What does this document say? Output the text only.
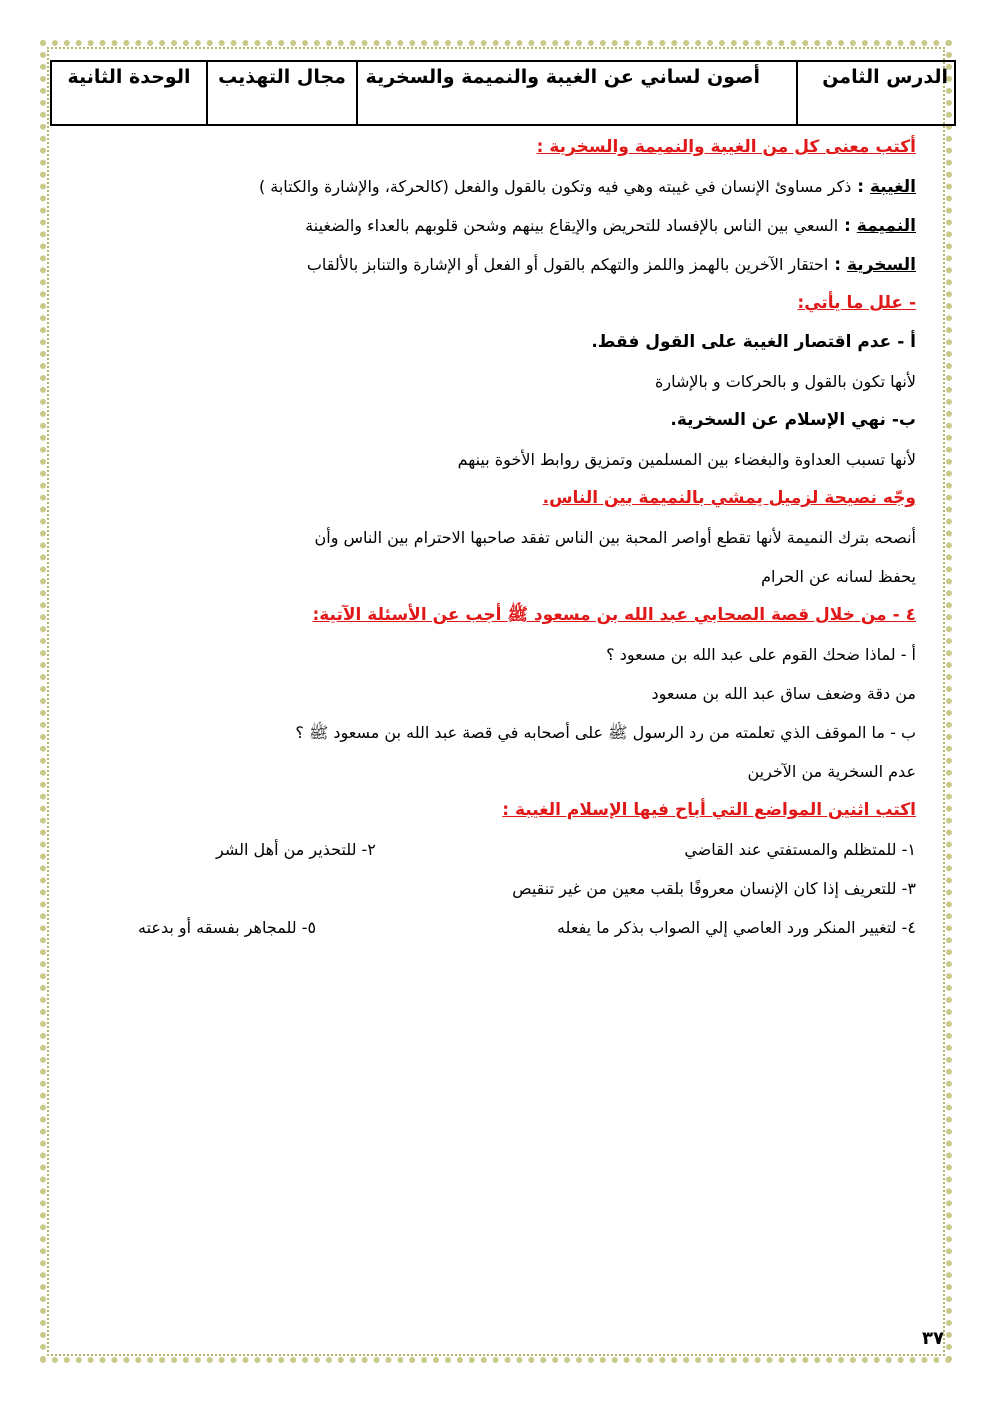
الدرس الثامن	أصون لساني عن الغيبة والنميمة والسخرية	مجال التهذيب	الوحدة الثانية
أكتب معنى كل من الغيبة والنميمة والسخرية :
الغيبة : ذكر مساوئ الإنسان في غيبته وهي فيه وتكون بالقول والفعل (كالحركة، والإشارة والكتابة )
النميمة : السعي بين الناس بالإفساد للتحريض والإيقاع بينهم وشحن قلوبهم بالعداء والضغينة
السخرية : احتقار الآخرين بالهمز واللمز والتهكم بالقول أو الفعل أو الإشارة والتنابز بالألقاب
- علل ما يأتي:
أ - عدم اقتصار الغيبة على القول فقط.
لأنها تكون بالقول و بالحركات و بالإشارة
ب- نهي الإسلام عن السخرية.
لأنها تسبب العداوة والبغضاء بين المسلمين وتمزيق روابط الأخوة بينهم
وجّه نصيحة لزميل يمشي بالنميمة بين الناس.
أنصحه بترك النميمة لأنها تقطع أواصر المحبة بين الناس تفقد صاحبها الاحترام بين الناس وأن
يحفظ لسانه عن الحرام
٤ - من خلال قصة الصحابي عبد الله بن مسعود ﷺ أجب عن الأسئلة الآتية:
أ - لماذا ضحك القوم على عبد الله بن مسعود ؟
من دقة وضعف ساق عبد الله بن مسعود
ب - ما الموقف الذي تعلمته من رد الرسول ﷺ على أصحابه في قصة عبد الله بن مسعود ﷺ ؟
عدم السخرية من الآخرين
اكتب اثنين المواضع التي أباح فيها الإسلام الغيبة :
١- للمتظلم والمستفتي عند القاضي
٢- للتحذير من أهل الشر
٣- للتعريف إذا كان الإنسان معروفًا بلقب معين من غير تنقيص
٤- لتغيير المنكر ورد العاصي إلي الصواب بذكر ما يفعله
٥- للمجاهر بفسقه أو بدعته
٣٧
